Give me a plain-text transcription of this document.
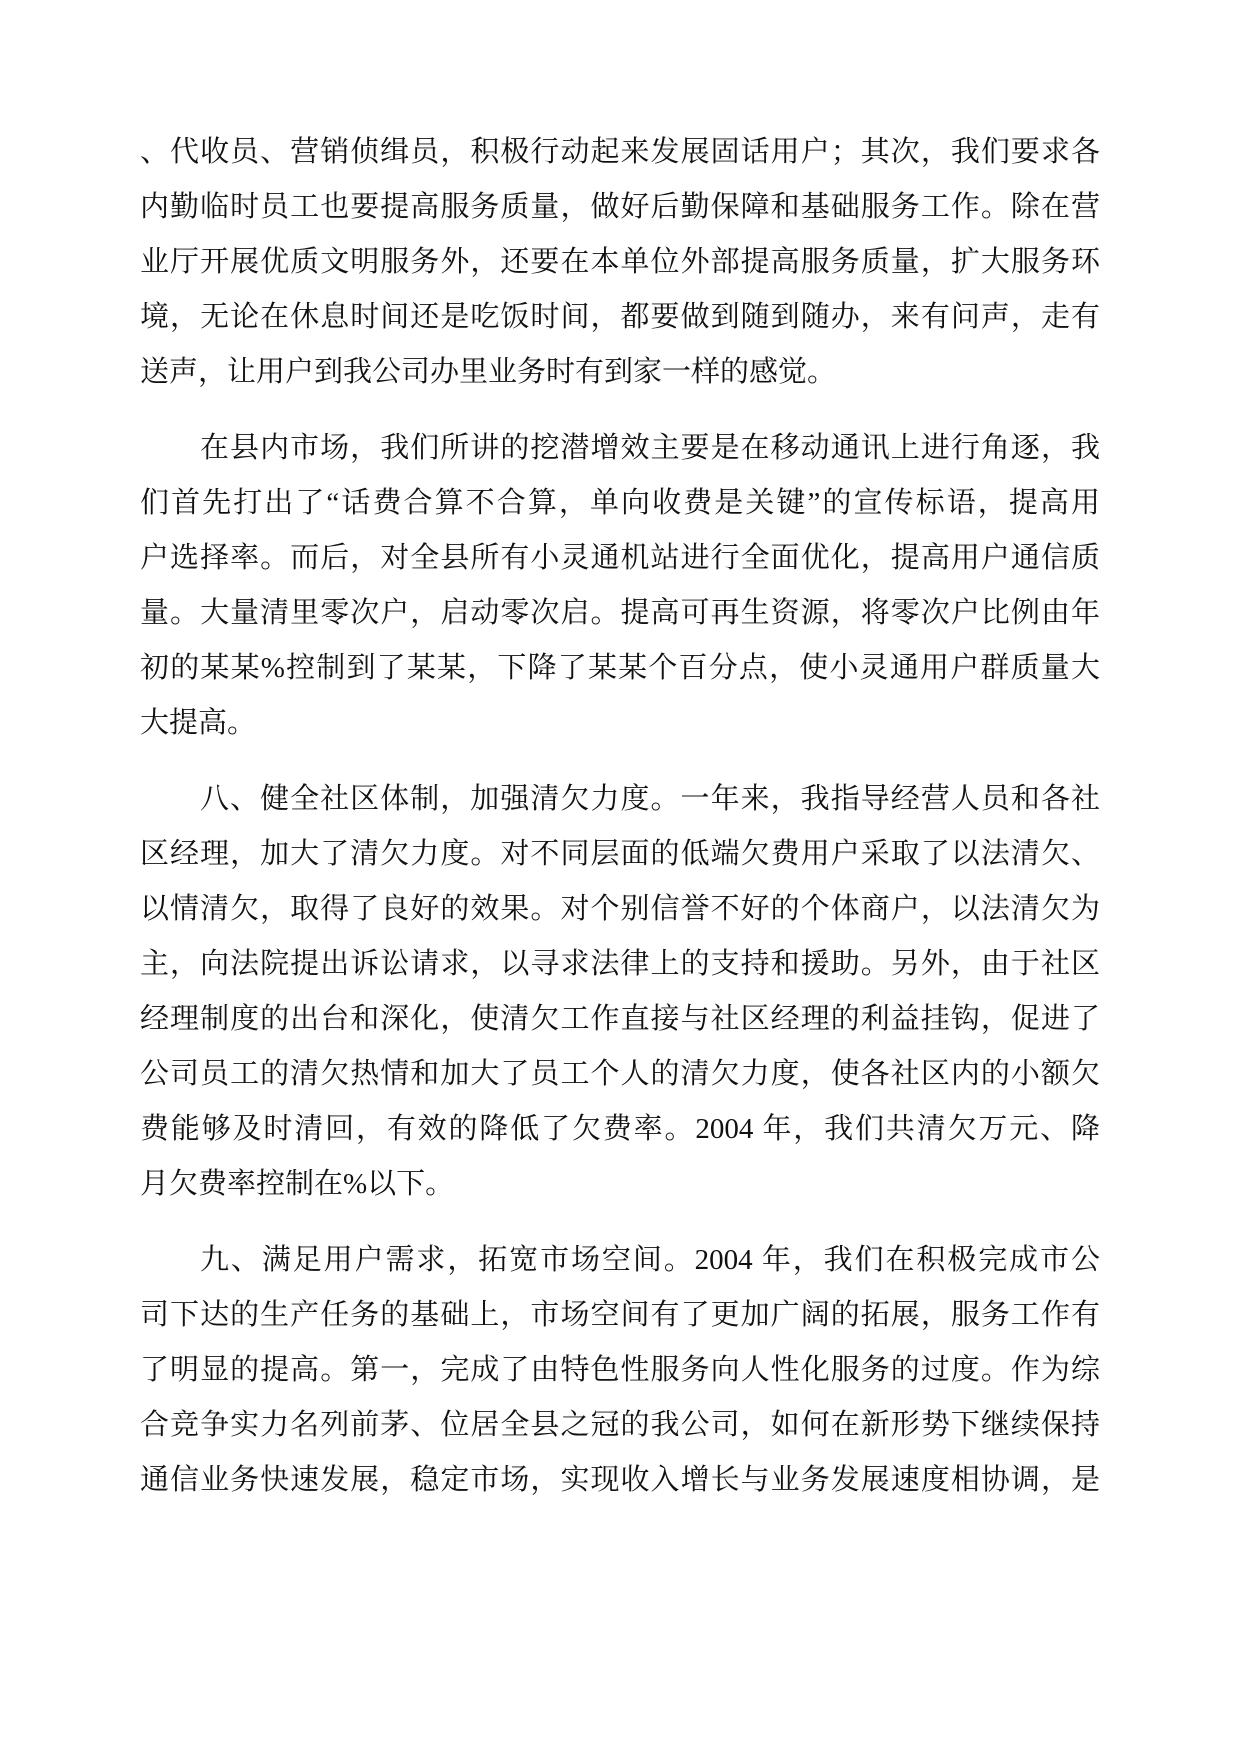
、代收员、营销侦缉员，积极行动起来发展固话用户；其次，我们要求各
内勤临时员工也要提高服务质量，做好后勤保障和基础服务工作。除在营
业厅开展优质文明服务外，还要在本单位外部提高服务质量，扩大服务环
境，无论在休息时间还是吃饭时间，都要做到随到随办，来有问声，走有
送声，让用户到我公司办里业务时有到家一样的感觉。
在县内市场，我们所讲的挖潜增效主要是在移动通讯上进行角逐，我
们首先打出了“话费合算不合算，单向收费是关键”的宣传标语，提高用
户选择率。而后，对全县所有小灵通机站进行全面优化，提高用户通信质
量。大量清里零次户，启动零次启。提高可再生资源，将零次户比例由年
初的某某%控制到了某某，下降了某某个百分点，使小灵通用户群质量大
大提高。
八、健全社区体制，加强清欠力度。一年来，我指导经营人员和各社
区经理，加大了清欠力度。对不同层面的低端欠费用户采取了以法清欠、
以情清欠，取得了良好的效果。对个别信誉不好的个体商户，以法清欠为
主，向法院提出诉讼请求，以寻求法律上的支持和援助。另外，由于社区
经理制度的出台和深化，使清欠工作直接与社区经理的利益挂钩，促进了
公司员工的清欠热情和加大了员工个人的清欠力度，使各社区内的小额欠
费能够及时清回，有效的降低了欠费率。2004 年，我们共清欠万元、降
月欠费率控制在%以下。
九、满足用户需求，拓宽市场空间。2004 年，我们在积极完成市公
司下达的生产任务的基础上，市场空间有了更加广阔的拓展，服务工作有
了明显的提高。第一，完成了由特色性服务向人性化服务的过度。作为综
合竞争实力名列前茅、位居全县之冠的我公司，如何在新形势下继续保持
通信业务快速发展，稳定市场，实现收入增长与业务发展速度相协调，是
